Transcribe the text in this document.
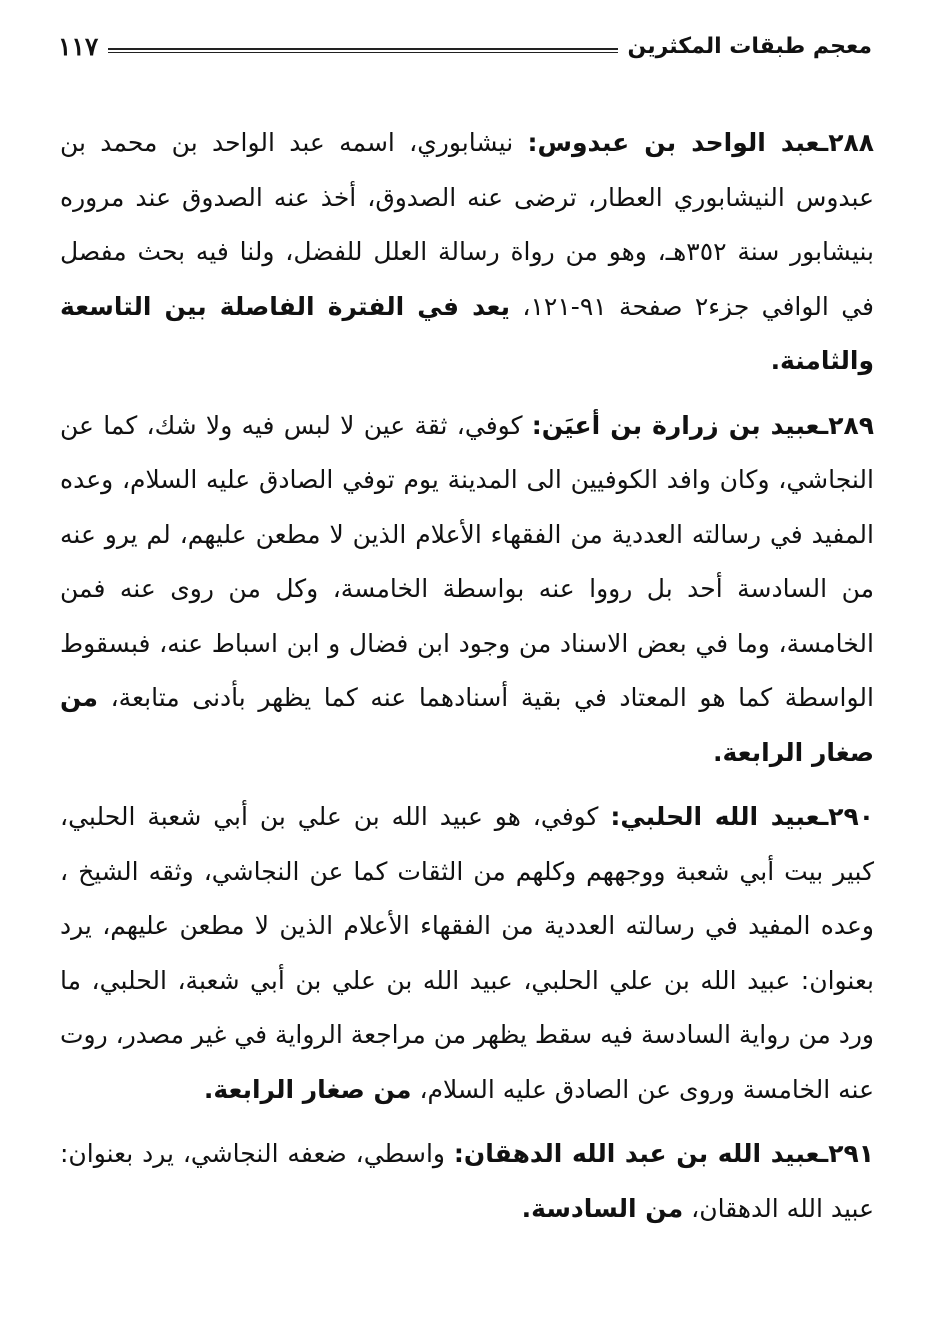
١١٧	معجم طبقات المكثرين

٢٨٨ـعبد الواحد بن عبدوس: نيشابوري، اسمه عبد الواحد بن محمد بن عبدوس النيشابوري العطار، ترضى عنه الصدوق، أخذ عنه الصدوق عند مروره بنيشابور سنة ٣٥٢هـ، وهو من رواة رسالة العلل للفضل، ولنا فيه بحث مفصل في الوافي جزء٢ صفحة ٩١-١٢١، يعد في الفترة الفاصلة بين التاسعة والثامنة.

٢٨٩ـعبيد بن زرارة بن أعيَن: كوفي، ثقة عين لا لبس فيه ولا شك، كما عن النجاشي، وكان وافد الكوفيين الى المدينة يوم توفي الصادق عليه السلام، وعده المفيد في رسالته العددية من الفقهاء الأعلام الذين لا مطعن عليهم، لم يرو عنه من السادسة أحد بل رووا عنه بواسطة الخامسة، وكل من روى عنه فمن الخامسة، وما في بعض الاسناد من وجود ابن فضال و ابن اسباط عنه، فبسقوط الواسطة كما هو المعتاد في بقية أسنادهما عنه كما يظهر بأدنى متابعة، من صغار الرابعة.

٢٩٠ـعبيد الله الحلبي: كوفي، هو عبيد الله بن علي بن أبي شعبة الحلبي، كبير بيت أبي شعبة ووجههم وكلهم من الثقات كما عن النجاشي، وثقه الشيخ ، وعده المفيد في رسالته العددية من الفقهاء الأعلام الذين لا مطعن عليهم، يرد بعنوان: عبيد الله بن علي الحلبي، عبيد الله بن علي بن أبي شعبة، الحلبي، ما ورد من رواية السادسة فيه سقط يظهر من مراجعة الرواية في غير مصدر، روت عنه الخامسة وروى عن الصادق عليه السلام، من صغار الرابعة.

٢٩١ـعبيد الله بن عبد الله الدهقان: واسطي، ضعفه النجاشي، يرد بعنوان: عبيد الله الدهقان، من السادسة.
